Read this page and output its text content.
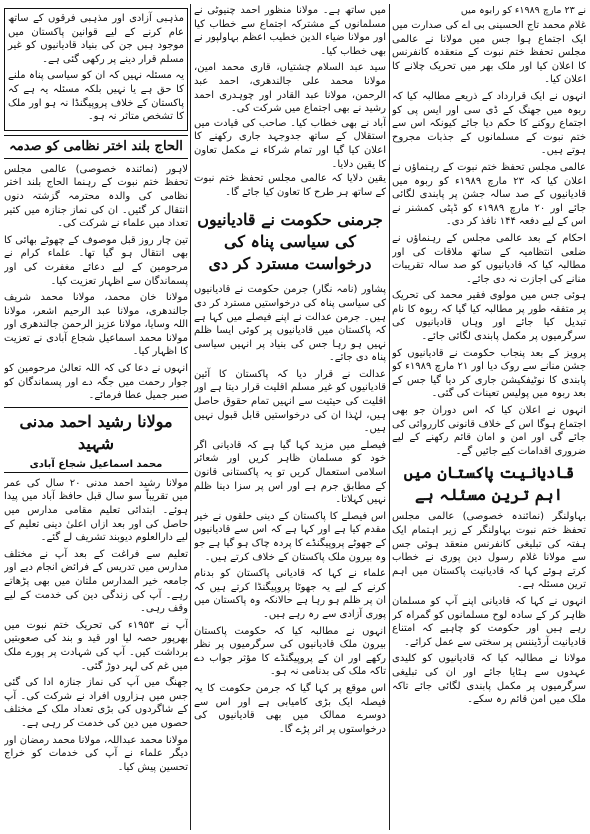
نے ۲۳ مارچ ۱۹۸۹ء کو رابوہ میں

غلام محمد تاج الحسینی بی اے کی صدارت میں ایک اجتماع ہوا جس میں مولانا نے عالمی مجلس تحفظ ختم نبوت کے منعقدہ کانفرنس کا اعلان کیا اور ملک بھر میں تحریک چلانے کا اعلان کیا۔

انہوں نے ایک قرارداد کے ذریعے مطالبہ کیا کہ ربوہ میں جھنگ کے ڈی سی اور ایس پی کو اجتماع روکنے کا حکم دیا جائے کیونکہ اس سے ختم نبوت کے مسلمانوں کے جذبات مجروح ہوتے ہیں۔

عالمی مجلس تحفظ ختم نبوت کے رہنماؤں نے اعلان کیا کہ ۲۳ مارچ ۱۹۸۹ء کو ربوہ میں قادیانیوں کے صد سالہ جشن پر پابندی لگائی جائے اور ۲۰ مارچ ۱۹۸۹ء کو ڈپٹی کمشنر نے اس کے لیے دفعہ ۱۴۴ نافذ کر دی۔

احکام کے بعد عالمی مجلس کے رہنماؤں نے ضلعی انتظامیہ کے ساتھ ملاقات کی اور مطالبہ کیا کہ قادیانیوں کو صد سالہ تقریبات منانے کی اجازت نہ دی جائے۔

ہوئی جس میں مولوی فقیر محمد کی تحریک پر متفقہ طور پر مطالبہ کیا گیا کہ ربوہ کا نام تبدیل کیا جائے اور وہاں قادیانیوں کی سرگرمیوں پر مکمل پابندی لگائی جائے۔

پرویز کے بعد پنجاب حکومت نے قادیانیوں کو جشن منانے سے روک دیا اور ۲۱ مارچ ۱۹۸۹ء کو پابندی کا نوٹیفکیشن جاری کر دیا گیا جس کے بعد ربوہ میں پولیس تعینات کی گئی۔

انہوں نے اعلان کیا کہ اس دوران جو بھی اجتماع ہوگا اس کے خلاف قانونی کارروائی کی جائے گی اور امن و امان قائم رکھنے کے لیے ضروری اقدامات کیے جائیں گے۔

قادیانیت پاکستان میں اہم ترین مسئلہ ہے

بہاولنگر (نمائندہ خصوصی) عالمی مجلس تحفظ ختم نبوت بہاولنگر کے زیر اہتمام ایک ہفتہ کی تبلیغی کانفرنس منعقد ہوئی جس سے مولانا غلام رسول دین پوری نے خطاب کرتے ہوئے کہا کہ قادیانیت پاکستان میں اہم ترین مسئلہ ہے۔

انہوں نے کہا کہ قادیانی اپنے آپ کو مسلمان ظاہر کر کے سادہ لوح مسلمانوں کو گمراہ کر رہے ہیں اور حکومت کو چاہیے کہ امتناع قادیانیت آرڈیننس پر سختی سے عمل کرائے۔

مولانا نے مطالبہ کیا کہ قادیانیوں کو کلیدی عہدوں سے ہٹایا جائے اور ان کی تبلیغی سرگرمیوں پر مکمل پابندی لگائی جائے تاکہ ملک میں امن قائم رہ سکے۔

میں ساتھ ہے۔ مولانا منظور احمد چنیوٹی نے مسلمانوں کے مشترکہ اجتماع سے خطاب کیا اور مولانا ضیاء الدین خطیب اعظم بہاولپور نے بھی خطاب کیا۔

سید عبد السلام چشتیاں، قاری محمد امین، مولانا محمد علی جالندھری، احمد عبد الرحمن، مولانا عبد القادر اور چوہدری احمد رشید نے بھی اجتماع میں شرکت کی۔

آباد نے بھی خطاب کیا۔ صاحب کی قیادت میں استقلال کے ساتھ جدوجہد جاری رکھنے کا اعلان کیا گیا اور تمام شرکاء نے مکمل تعاون کا یقین دلایا۔

یقین دلایا کہ عالمی مجلس تحفظ ختم نبوت کے ساتھ ہر طرح کا تعاون کیا جائے گا۔

جرمنی حکومت نے قادیانیوں کی سیاسی پناہ کی درخواست مسترد کر دی

پشاور (نامہ نگار) جرمن حکومت نے قادیانیوں کی سیاسی پناہ کی درخواستیں مسترد کر دی ہیں۔ جرمن عدالت نے اپنے فیصلے میں کہا ہے کہ پاکستان میں قادیانیوں پر کوئی ایسا ظلم نہیں ہو رہا جس کی بنیاد پر انہیں سیاسی پناہ دی جائے۔

عدالت نے قرار دیا کہ پاکستان کا آئین قادیانیوں کو غیر مسلم اقلیت قرار دیتا ہے اور اقلیت کی حیثیت سے انہیں تمام حقوق حاصل ہیں، لہٰذا ان کی درخواستیں قابل قبول نہیں ہیں۔

فیصلے میں مزید کہا گیا ہے کہ قادیانی اگر خود کو مسلمان ظاہر کریں اور شعائر اسلامی استعمال کریں تو یہ پاکستانی قانون کے مطابق جرم ہے اور اس پر سزا دینا ظلم نہیں کہلاتا۔

اس فیصلے کا پاکستان کے دینی حلقوں نے خیر مقدم کیا ہے اور کہا ہے کہ اس سے قادیانیوں کے جھوٹے پروپیگنڈے کا پردہ چاک ہو گیا ہے جو وہ بیرون ملک پاکستان کے خلاف کرتے ہیں۔

علماء نے کہا کہ قادیانی پاکستان کو بدنام کرنے کے لیے یہ جھوٹا پروپیگنڈا کرتے ہیں کہ ان پر ظلم ہو رہا ہے حالانکہ وہ پاکستان میں پوری آزادی سے رہ رہے ہیں۔

انہوں نے مطالبہ کیا کہ حکومت پاکستان بیرون ملک قادیانیوں کی سرگرمیوں پر نظر رکھے اور ان کے پروپیگنڈے کا مؤثر جواب دے تاکہ ملک کی بدنامی نہ ہو۔

اس موقع پر کہا گیا کہ جرمن حکومت کا یہ فیصلہ ایک بڑی کامیابی ہے اور اس سے دوسرے ممالک میں بھی قادیانیوں کی درخواستوں پر اثر پڑے گا۔

مذہبی آزادی اور مذہبی فرقوں کے ساتھ عام کرنے کے لیے قوانین پاکستان میں موجود ہیں جن کی بنیاد قادیانیوں کو غیر مسلم قرار دینے پر رکھی گئی ہے۔

یہ مسئلہ نہیں کہ ان کو سیاسی پناہ ملنے کا حق ہے یا نہیں بلکہ مسئلہ یہ ہے کہ پاکستان کے خلاف پروپیگنڈا نہ ہو اور ملک کا تشخص متاثر نہ ہو۔

الحاج بلند اختر نظامی کو صدمہ

لاہور (نمائندہ خصوصی) عالمی مجلس تحفظ ختم نبوت کے رہنما الحاج بلند اختر نظامی کی والدہ محترمہ گزشتہ دنوں انتقال کر گئیں۔ ان کی نماز جنازہ میں کثیر تعداد میں علماء نے شرکت کی۔

تین چار روز قبل موصوف کے چھوٹے بھائی کا بھی انتقال ہو گیا تھا۔ علماء کرام نے مرحومین کے لیے دعائے مغفرت کی اور پسماندگان سے اظہار تعزیت کیا۔

مولانا خان محمد، مولانا محمد شریف جالندھری، مولانا عبد الرحیم اشعر، مولانا اللہ وسایا، مولانا عزیز الرحمن جالندھری اور مولانا محمد اسماعیل شجاع آبادی نے تعزیت کا اظہار کیا۔

انہوں نے دعا کی کہ اللہ تعالیٰ مرحومین کو جوار رحمت میں جگہ دے اور پسماندگان کو صبر جمیل عطا فرمائے۔

مولانا رشید احمد مدنی شہید
محمد اسماعیل شجاع آبادی

مولانا رشید احمد مدنی ۲۰ سال کی عمر میں تقریباً سو سال قبل حافظ آباد میں پیدا ہوئے۔ ابتدائی تعلیم مقامی مدارس میں حاصل کی اور بعد ازاں اعلیٰ دینی تعلیم کے لیے دارالعلوم دیوبند تشریف لے گئے۔

تعلیم سے فراغت کے بعد آپ نے مختلف مدارس میں تدریس کے فرائض انجام دیے اور جامعہ خیر المدارس ملتان میں بھی پڑھاتے رہے۔ آپ کی زندگی دین کی خدمت کے لیے وقف رہی۔

آپ نے ۱۹۵۳ء کی تحریک ختم نبوت میں بھرپور حصہ لیا اور قید و بند کی صعوبتیں برداشت کیں۔ آپ کی شہادت پر پورے ملک میں غم کی لہر دوڑ گئی۔

جھنگ میں آپ کی نماز جنازہ ادا کی گئی جس میں ہزاروں افراد نے شرکت کی۔ آپ کے شاگردوں کی بڑی تعداد ملک کے مختلف حصوں میں دین کی خدمت کر رہی ہے۔

مولانا محمد عبداللہ، مولانا محمد رمضان اور دیگر علماء نے آپ کی خدمات کو خراج تحسین پیش کیا۔
